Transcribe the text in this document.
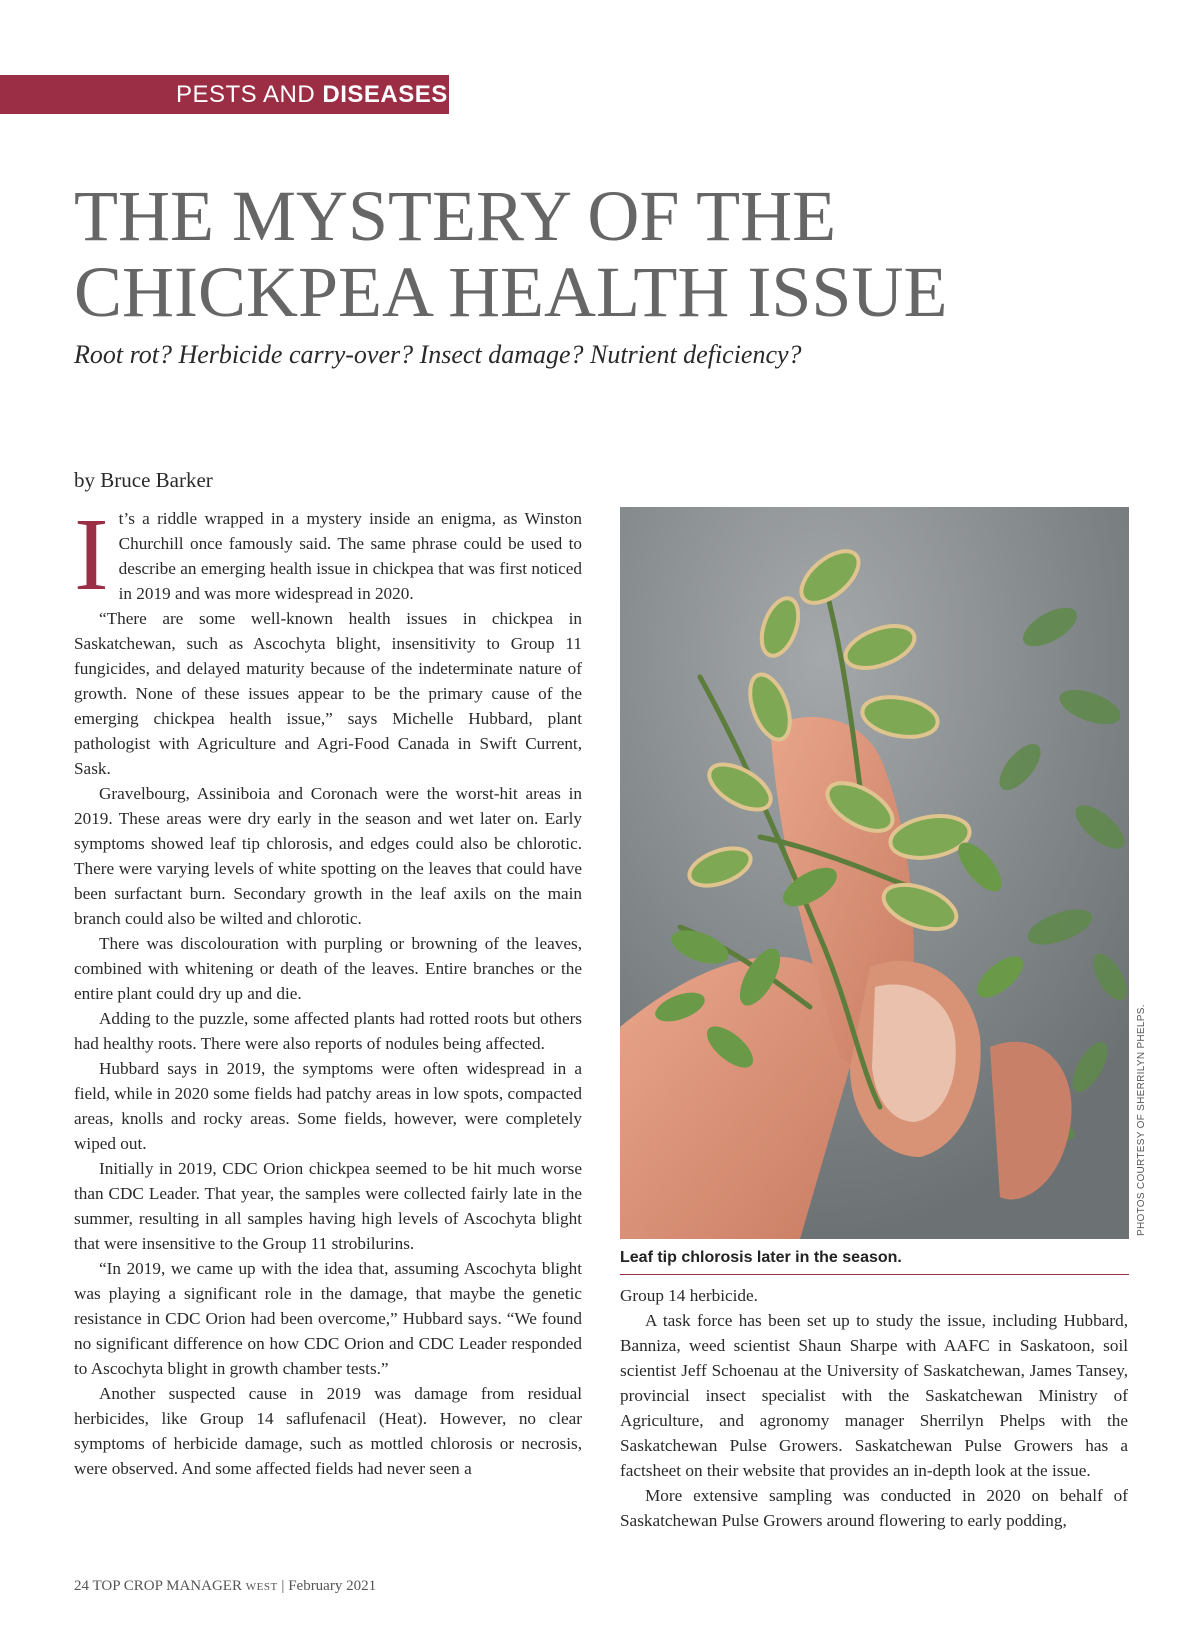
PESTS AND DISEASES
THE MYSTERY OF THE
CHICKPEA HEALTH ISSUE
Root rot? Herbicide carry-over? Insect damage? Nutrient deficiency?
by Bruce Barker

It’s a riddle wrapped in a mystery inside an enigma, as Winston Churchill once famously said. The same phrase could be used to describe an emerging health issue in chickpea that was first noticed in 2019 and was more widespread in 2020.

“There are some well-known health issues in chickpea in Saskatchewan, such as Ascochyta blight, insensitivity to Group 11 fungicides, and delayed maturity because of the indeterminate nature of growth. None of these issues appear to be the primary cause of the emerging chickpea health issue,” says Michelle Hubbard, plant pathologist with Agriculture and Agri-Food Canada in Swift Current, Sask.

Gravelbourg, Assiniboia and Coronach were the worst-hit areas in 2019. These areas were dry early in the season and wet later on. Early symptoms showed leaf tip chlorosis, and edges could also be chlorotic. There were varying levels of white spotting on the leaves that could have been surfactant burn. Secondary growth in the leaf axils on the main branch could also be wilted and chlorotic.

There was discolouration with purpling or browning of the leaves, combined with whitening or death of the leaves. Entire branches or the entire plant could dry up and die.

Adding to the puzzle, some affected plants had rotted roots but others had healthy roots. There were also reports of nodules being affected.

Hubbard says in 2019, the symptoms were often widespread in a field, while in 2020 some fields had patchy areas in low spots, compacted areas, knolls and rocky areas. Some fields, however, were completely wiped out.

Initially in 2019, CDC Orion chickpea seemed to be hit much worse than CDC Leader. That year, the samples were collected fairly late in the summer, resulting in all samples having high levels of Ascochyta blight that were insensitive to the Group 11 strobilurins.

“In 2019, we came up with the idea that, assuming Ascochyta blight was playing a significant role in the damage, that maybe the genetic resistance in CDC Orion had been overcome,” Hubbard says. “We found no significant difference on how CDC Orion and CDC Leader responded to Ascochyta blight in growth chamber tests.”

Another suspected cause in 2019 was damage from residual herbicides, like Group 14 saflufenacil (Heat). However, no clear symptoms of herbicide damage, such as mottled chlorosis or necrosis, were observed. And some affected fields had never seen a

PHOTOS COURTESY OF SHERRILYN PHELPS.
Leaf tip chlorosis later in the season.

Group 14 herbicide.

A task force has been set up to study the issue, including Hubbard, Banniza, weed scientist Shaun Sharpe with AAFC in Saskatoon, soil scientist Jeff Schoenau at the University of Saskatchewan, James Tansey, provincial insect specialist with the Saskatchewan Ministry of Agriculture, and agronomy manager Sherrilyn Phelps with the Saskatchewan Pulse Growers. Saskatchewan Pulse Growers has a factsheet on their website that provides an in-depth look at the issue.

More extensive sampling was conducted in 2020 on behalf of Saskatchewan Pulse Growers around flowering to early podding,

24 TOP CROP MANAGER WEST | February 2021
